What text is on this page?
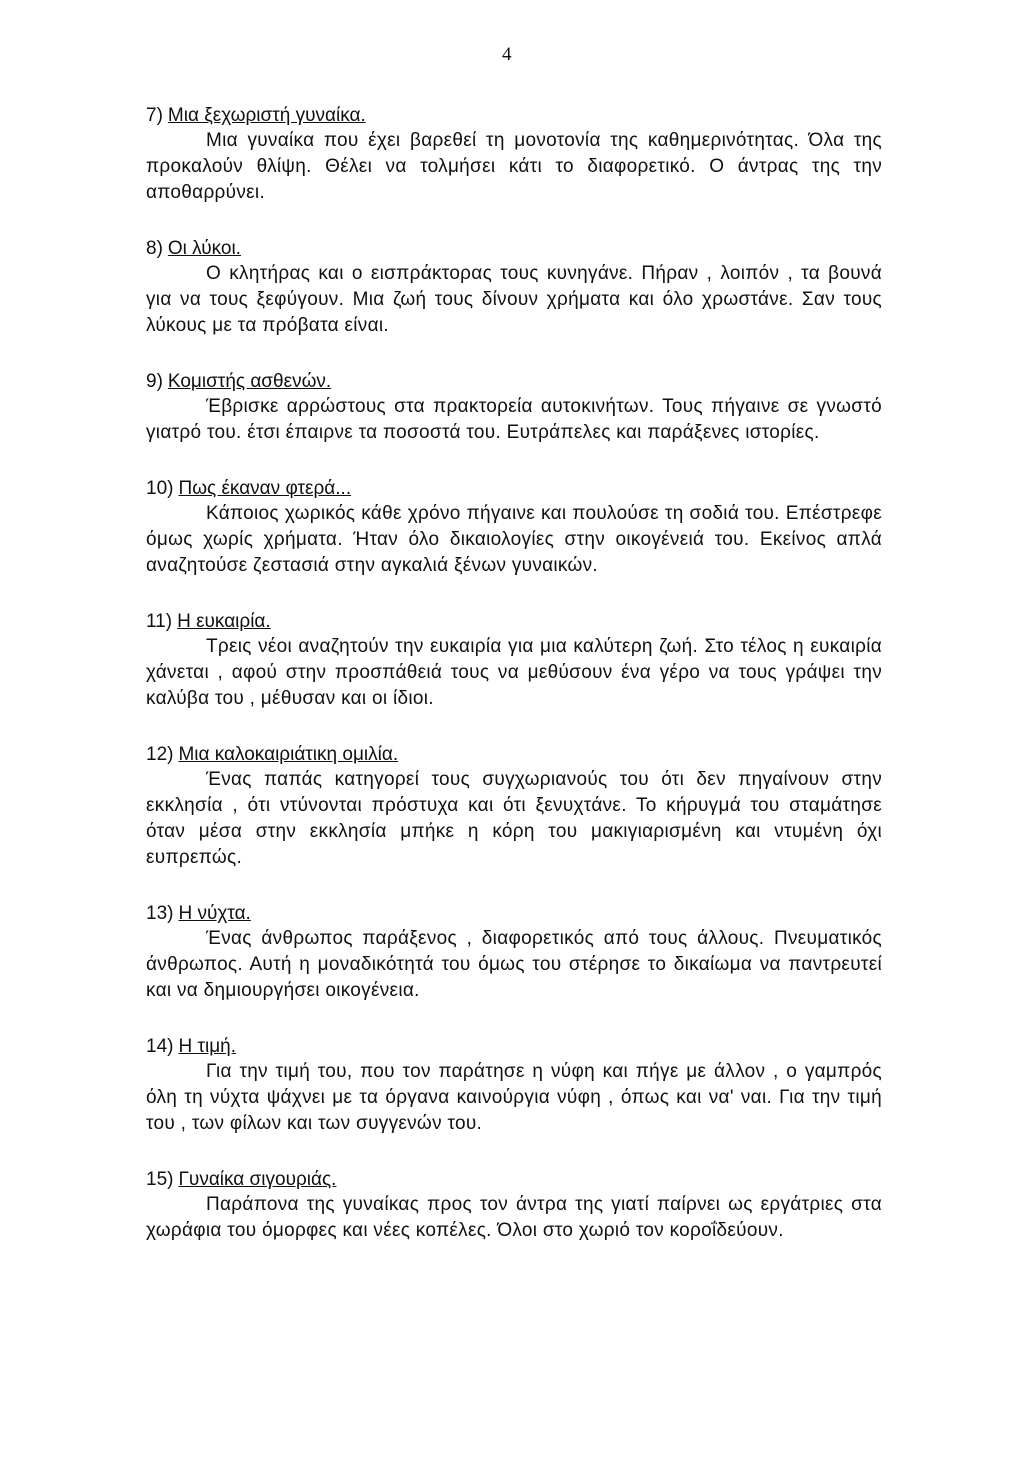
4

7) Μια ξεχωριστή γυναίκα.

Μια γυναίκα που έχει βαρεθεί τη μονοτονία της καθημερινότητας. Όλα της προκαλούν θλίψη. Θέλει να τολμήσει κάτι το διαφορετικό. Ο άντρας της την αποθαρρύνει.

8) Οι λύκοι.

Ο κλητήρας και ο εισπράκτορας τους κυνηγάνε. Πήραν , λοιπόν , τα βουνά για να τους ξεφύγουν. Μια ζωή τους δίνουν χρήματα και όλο χρωστάνε. Σαν τους λύκους με τα πρόβατα είναι.

9) Κομιστής ασθενών.

Έβρισκε αρρώστους στα πρακτορεία αυτοκινήτων. Τους πήγαινε σε γνωστό γιατρό του. έτσι έπαιρνε τα ποσοστά του. Ευτράπελες και παράξενες ιστορίες.

10) Πως έκαναν φτερά...

Κάποιος χωρικός κάθε χρόνο πήγαινε και πουλούσε τη σοδιά του. Επέστρεφε όμως χωρίς χρήματα. Ήταν όλο δικαιολογίες στην οικογένειά του. Εκείνος απλά αναζητούσε ζεστασιά στην αγκαλιά ξένων γυναικών.

11) Η ευκαιρία.

Τρεις νέοι αναζητούν την ευκαιρία για μια καλύτερη ζωή. Στο τέλος η ευκαιρία χάνεται , αφού στην προσπάθειά τους να μεθύσουν ένα γέρο να τους γράψει την καλύβα του , μέθυσαν και οι ίδιοι.

12) Μια καλοκαιριάτικη ομιλία.

Ένας παπάς κατηγορεί τους συγχωριανούς του ότι δεν πηγαίνουν στην εκκλησία , ότι ντύνονται πρόστυχα και ότι ξενυχτάνε. Το κήρυγμά του σταμάτησε όταν μέσα στην εκκλησία μπήκε η κόρη του μακιγιαρισμένη και ντυμένη όχι ευπρεπώς.

13) Η νύχτα.

Ένας άνθρωπος παράξενος , διαφορετικός από τους άλλους. Πνευματικός άνθρωπος. Αυτή η μοναδικότητά του όμως του στέρησε το δικαίωμα να παντρευτεί και να δημιουργήσει οικογένεια.

14) Η τιμή.

Για την τιμή του, που τον παράτησε η νύφη και πήγε με άλλον , ο γαμπρός όλη τη νύχτα ψάχνει με τα όργανα καινούργια νύφη , όπως και να' ναι. Για την τιμή του , των φίλων και των συγγενών του.

15) Γυναίκα σιγουριάς.

Παράπονα της γυναίκας προς τον άντρα της γιατί παίρνει ως εργάτριες στα χωράφια του όμορφες και νέες κοπέλες. Όλοι στο χωριό τον κοροΐδεύουν.
